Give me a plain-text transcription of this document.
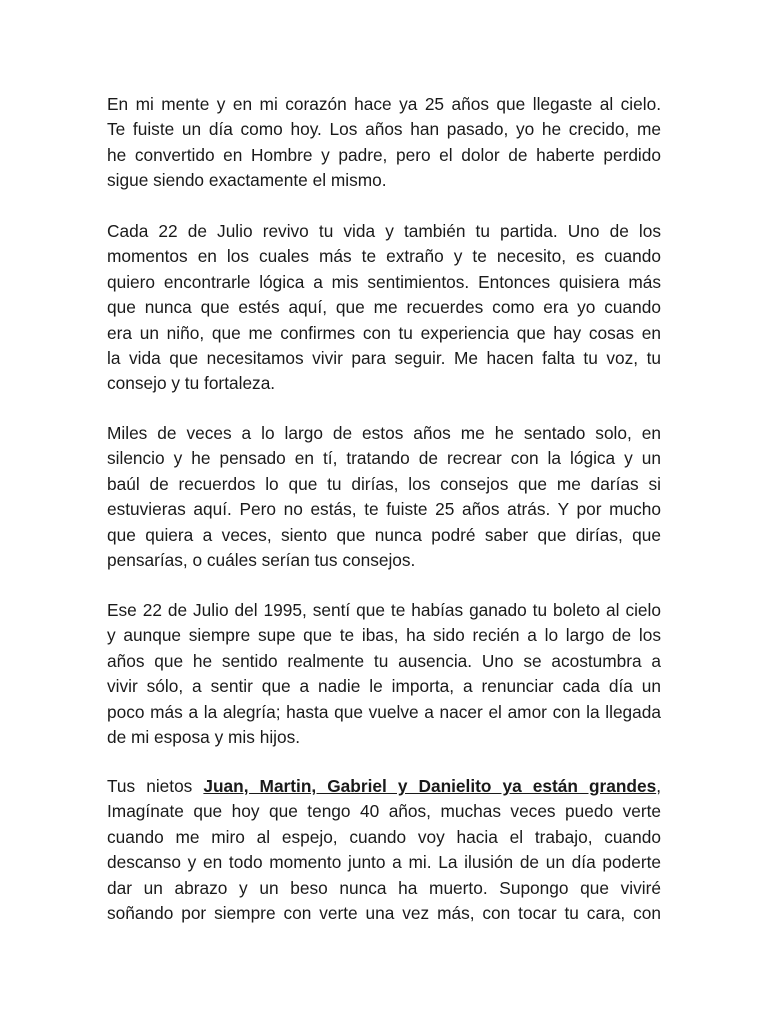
En mi mente y en mi corazón hace ya 25 años que llegaste al cielo.
Te fuiste un día como hoy. Los años han pasado, yo he crecido, me
he convertido en Hombre y padre, pero el dolor de haberte perdido
sigue siendo exactamente el mismo.
Cada 22 de Julio revivo tu vida y también tu partida. Uno de los
momentos en los cuales más te extraño y te necesito, es cuando
quiero encontrarle lógica a mis sentimientos. Entonces quisiera más
que nunca que estés aquí, que me recuerdes como era yo cuando
era un niño, que me confirmes con tu experiencia que hay cosas en
la vida que necesitamos vivir para seguir. Me hacen falta tu voz, tu
consejo y tu fortaleza.
Miles de veces a lo largo de estos años me he sentado solo, en
silencio y he pensado en tí, tratando de recrear con la lógica y un
baúl de recuerdos lo que tu dirías, los consejos que me darías si
estuvieras aquí. Pero no estás, te fuiste 25 años atrás. Y por mucho
que quiera a veces, siento que nunca podré saber que dirías, que
pensarías, o cuáles serían tus consejos.
Ese 22 de Julio del 1995, sentí que te habías ganado tu boleto al cielo
y aunque siempre supe que te ibas, ha sido recién a lo largo de los
años que he sentido realmente tu ausencia. Uno se acostumbra a
vivir sólo, a sentir que a nadie le importa, a renunciar cada día un
poco más a la alegría; hasta que vuelve a nacer el amor con la llegada
de mi esposa y mis hijos.
Tus nietos Juan, Martin, Gabriel y Danielito ya están grandes,
Imagínate que hoy que tengo 40 años, muchas veces puedo verte
cuando me miro al espejo, cuando voy hacia el trabajo, cuando
descanso y en todo momento junto a mi. La ilusión de un día poderte
dar un abrazo y un beso nunca ha muerto. Supongo que viviré
soñando por siempre con verte una vez más, con tocar tu cara, con
